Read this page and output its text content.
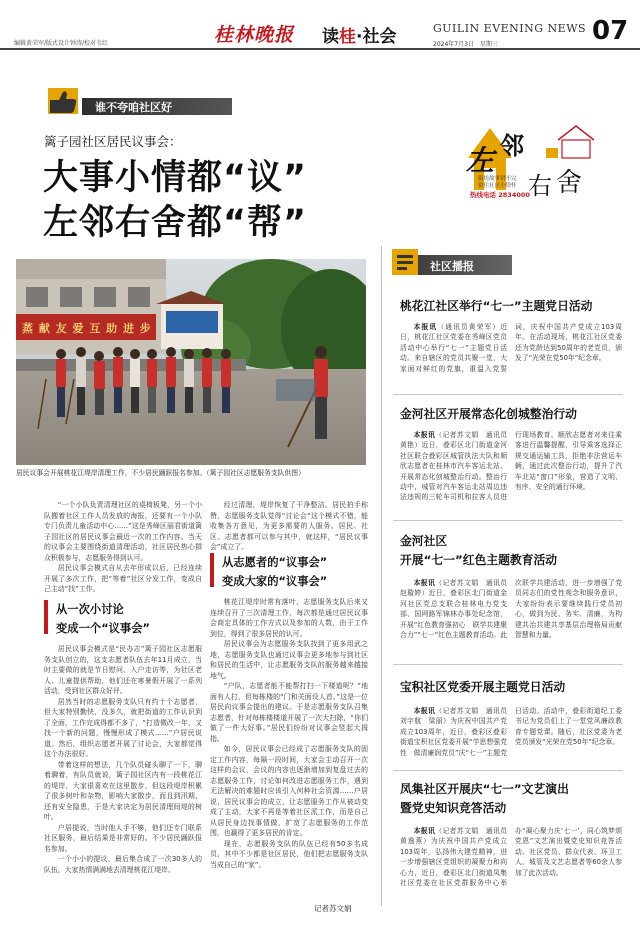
编辑黄荣军/版式设计钟涛/校对韦红	桂林晚报 读桂·社会	GUILIN EVENING NEWS
2024年7月3日　星期三	07
谁不夸咱社区好
篱子园社区居民议事会：
大事小情都“议”
左邻右舍都“帮”
左 邻
右 舍
街坊故事讲不完
留住社区小情怀
热线电话 2834000
蒸 献 友 爱 互 助 进 步
居民议事会开展桃花江堤岸清理工作，不少居民踊跃报名参加。（篱子园社区志愿服务支队供图）

“一个小队负责清理社区的桌椅板凳，另一个小队搬着社区工作人员发放的海报，还要有一个小队专门负责儿童活动中心……”这是秀峰区丽君街道篱子园社区的居民议事会最近一次的工作内容。当天的议事会主要围绕街道清理活动，社区居民热心群众积极参与，志愿服务得到认可。

居民议事会模式自从去年形成以后，已经连续开展了多次工作，把“等着”社区分发工作，变成自己主动“找”工作。

从一次小讨论
变成一个“议事会”

居民议事会模式是“民办志”篱子园社区志愿服务支队创立的，这支志愿者队伍去年11月成立，当时主要做的就是节日慰问、入户走访等，为社区老人、儿童提供帮助，他们还在寒暑假开展了一系列活动，受到社区群众好评。

居然当时的志愿服务支队只有约十个志愿者，但大家特别勤快，没多久，就把街道的工作认识到了全面，工作完成得都不多了，“打造微改一年，又找一个新的问题，慢慢形成了模式……”户居民说道。然后，组织志愿者开展了讨论会，大家都觉得这个办法很好。

带着这样的想法，几个队员碰头聊了一下，聊着聊着，有队员就说，篱子园社区内有一段桃花江的堤岸，大家很喜欢在这里散步，但这段堤岸积累了很多树叶和杂物，影响大家散步，而且到汛期，还有安全隐患，于是大家决定为居民清理间堤的树叶。

户居提说，当时他人手不够，他们还专门联系社区服务，最后结果是非常好的。不少居民踊跃报名参加。

一个小小的提议，最后集合成了一次30多人的队伍，大家热情满满地去清理桃花江堤岸。

经过清理，堤岸恢复了干净整洁。居民拍手称赞，志愿服务支队觉得“讨论会”这个模式不错，能收集各方意见，为更多需要的人服务。居民、社区、志愿者都可以参与其中，就这样，“居民议事会”成立了。

从志愿者的“议事会”
变成大家的“议事会”

桃花江堤岸时常有落叶，志愿服务支队后来又连续召开了三次清理工作，每次都是通过居民议事会商定具体的工作方式以及参加的人数，由于工作到位，得到了很多居民的认可。

居民议事会为志愿服务支队找到了更多用武之地，志愿服务支队也通过议事会更多地参与到社区和居民的生活中，让志愿服务支队的服务越来越接地气。

“户队，志愿者能不能帮打扫一下楼道呢？”地面有人打，但每栋楼的“门和关面设人首。”这是一位居民向议事会提出的建议。于是志愿服务支队召集志愿者，针对每栋楼楼道开展了一次大扫除，“你们做了一件大好事。”居民们纷纷对议事会竖起大拇指。

如今，居民议事会已经成了志愿服务支队的固定工作内容，每隔一段时间，大家会主动召开一次这样的会议，会议的内容也逐渐增加到复盘过去的志愿服务工作，讨论如何改进志愿服务工作，遇到无法解决的难题时应该引入何种社会资源……户居说，居民议事会的成立，让志愿服务工作从被动变成了主动，大家不再是等着社区派工作，而是自己从居民身边找事情做，扩宽了志愿服务的工作范围，也赢得了更多居民的肯定。

现在，志愿服务支队的队伍已经有50多名成员，其中不少都是社区居民，他们把志愿服务支队当成自己的“家”。

记者苏文娟
社区播报
桃花江社区举行“七一”主题党日活动

本报讯（通讯员黄荣军）近日，桃花江社区党委在秀峰区党员活动中心举行“七一”主题党日活动。来自辖区的党员共聚一堂，大家面对鲜红的党旗，重温入党誓词，庆祝中国共产党成立103周年。在活动现场，桃花江社区党委还为党龄达到50周年的老党员，颁发了“光荣在党50年”纪念章。

金河社区开展常态化创城整治行动

本报讯（记者苏文娟　通讯员黄艳）近日，叠彩区北门街道金河社区联合叠彩区城管执法大队和顺欣志愿者在桂林市汽车客运北站、开展常态化创城整治行动。整治行动中，城管对汽车客运北站周边违法违规的三轮车司机和拉客人员进行现场教育。顺欣志愿者对来往乘客进行温馨提醒，引导乘客选择正规交通运输工具，拒绝非法营运车辆，通过此次整治行动，提升了汽车北站“窗口”形象，营造了文明、有序、安全的通行环境。

金河社区
开展“七一”红色主题教育活动

本报讯（记者苏文娟　通讯员赵璇婷）近日，叠彩区北门街道金河社区党总支联合桂林电力党支部、国网路军锦林办事处纪念馆，开展“红色教育强初心　联学共建聚合力”“七一”红色主题教育活动。此次联学共建活动，进一步增强了党员同志们的党性观念和服务意识，大家纷纷表示要继续践行党员初心，做到为民、务实、清廉，为构建共治共建共享基层治理格局贡献智慧和力量。

宝积社区党委开展主题党日活动

本报讯（记者苏文娟　通讯员刘宇航　梁丽）为庆祝中国共产党成立103周年，近日，叠彩区叠彩街道宝积社区党委开展“学思想强党性　做清廉润党员”庆“七一”主题党日活动。活动中，叠彩街道纪工委书记为党员们上了一堂党风廉政教育专题党课。随后，社区党委为老党员颁发“光荣在党50年”纪念章。

凤集社区开展庆“七一”文艺演出
暨党史知识竞答活动

本报讯（记者苏文娟　通讯员黄逸燕）为庆祝中国共产党成立103周年，弘扬伟大建党精神，进一步增强辖区党组织的凝聚力和向心力，近日，叠彩区北门街道凤集社区党委在社区党群服务中心举办“凝心聚力庆‘七一’，同心筑梦颂党恩”文艺演出暨党史知识竞答活动。社区党员、群众代表、环卫工人、城管及文艺志愿者等60余人参加了此次活动。
